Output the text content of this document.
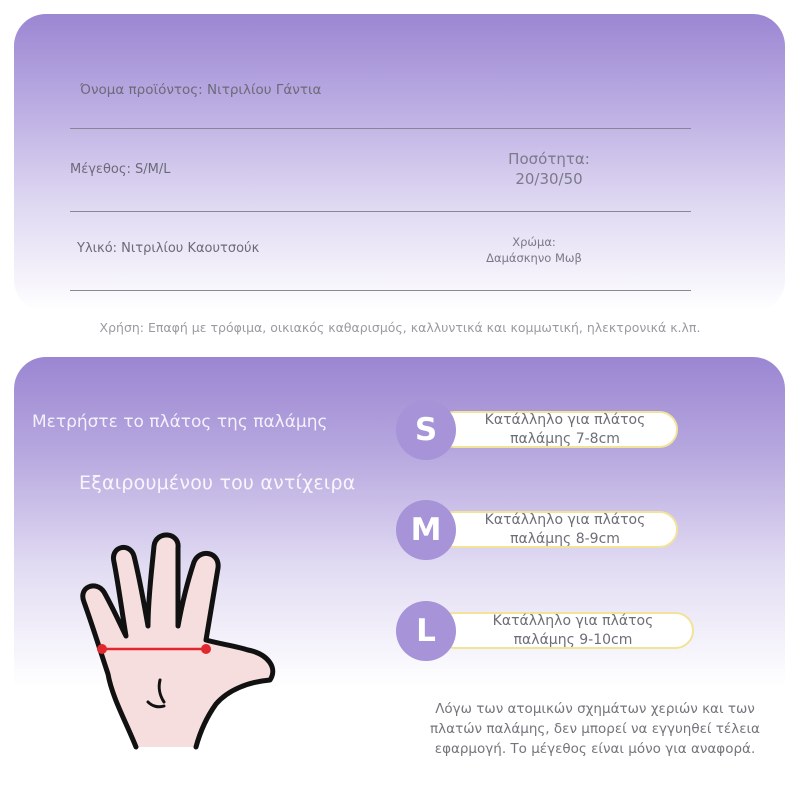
Όνομα προϊόντος: Νιτριλίου Γάντια
Μέγεθος: S/M/L
Ποσότητα:
20/30/50
Υλικό: Νιτριλίου Καουτσούκ	Χρώμα:
Δαμάσκηνο Μωβ
Χρήση: Επαφή με τρόφιμα, οικιακός καθαρισμός, καλλυντικά και κομμωτική, ηλεκτρονικά κ.λπ.
Μετρήστε το πλάτος της παλάμης
Εξαιρουμένου του αντίχειρα
Κατάλληλο για πλάτος
παλάμης 7-8cm
S
Κατάλληλο για πλάτος
παλάμης 8-9cm
M
Κατάλληλο για πλάτος
παλάμης 9-10cm
L
Λόγω των ατομικών σχημάτων χεριών και των
πλατών παλάμης, δεν μπορεί να εγγυηθεί τέλεια
εφαρμογή. Το μέγεθος είναι μόνο για αναφορά.
